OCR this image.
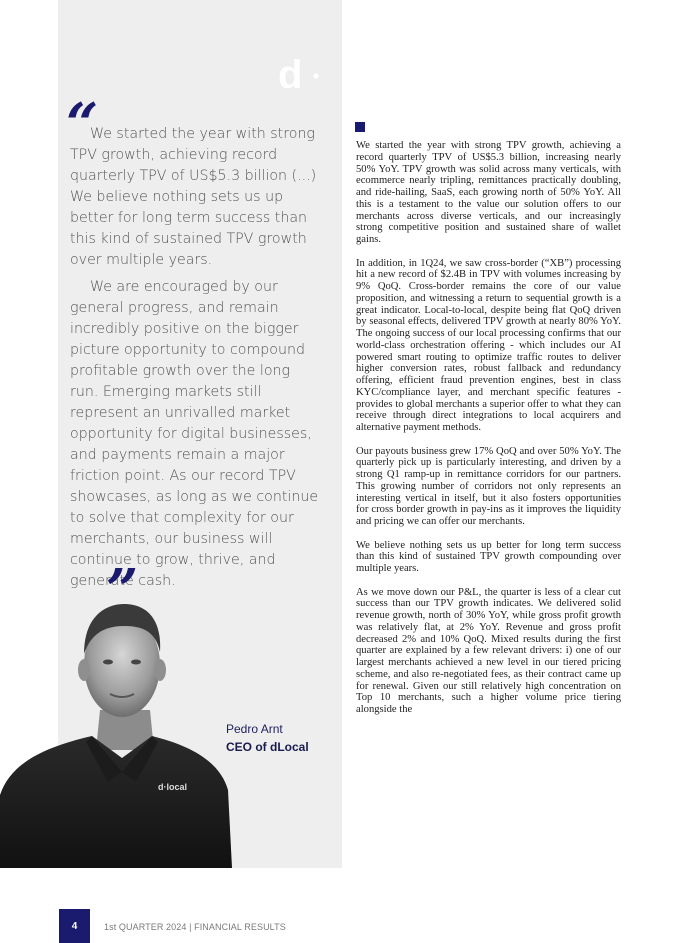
d
“

We started the year with strong TPV growth, achieving record quarterly TPV of US$5.3 billion (...) We believe nothing sets us up better for long term success than this kind of sustained TPV growth over multiple years.

We are encouraged by our general progress, and remain incredibly positive on the bigger picture opportunity to compound profitable growth over the long run. Emerging markets still represent an unrivalled market opportunity for digital businesses, and payments remain a major friction point. As our record TPV showcases, as long as we continue to solve that complexity for our merchants, our business will continue to grow, thrive, and generate cash.

d·local
Pedro Arnt
CEO of dLocal

We started the year with strong TPV growth, achieving a record quarterly TPV of US$5.3 billion, increasing nearly 50% YoY. TPV growth was solid across many verticals, with ecommerce nearly tripling, remittances practically doubling, and ride-hailing, SaaS, each growing north of 50% YoY. All this is a testament to the value our solution offers to our merchants across diverse verticals, and our increasingly strong competitive position and sustained share of wallet gains.

In addition, in 1Q24, we saw cross-border (“XB”) processing hit a new record of $2.4B in TPV with volumes increasing by 9% QoQ. Cross-border remains the core of our value proposition, and witnessing a return to sequential growth is a great indicator. Local-to-local, despite being flat QoQ driven by seasonal effects, delivered TPV growth at nearly 80% YoY. The ongoing success of our local processing confirms that our world-class orchestration offering - which includes our AI powered smart routing to optimize traffic routes to deliver higher conversion rates, robust fallback and redundancy offering, efficient fraud prevention engines, best in class KYC/compliance layer, and merchant specific features - provides to global merchants a superior offer to what they can receive through direct integrations to local acquirers and alternative payment methods.

Our payouts business grew 17% QoQ and over 50% YoY. The quarterly pick up is particularly interesting, and driven by a strong Q1 ramp-up in remittance corridors for our partners. This growing number of corridors not only represents an interesting vertical in itself, but it also fosters opportunities for cross border growth in pay-ins as it improves the liquidity and pricing we can offer our merchants.

We believe nothing sets us up better for long term success than this kind of sustained TPV growth compounding over multiple years.

As we move down our P&L, the quarter is less of a clear cut success than our TPV growth indicates. We delivered solid revenue growth, north of 30% YoY, while gross profit growth was relatively flat, at 2% YoY. Revenue and gross profit decreased 2% and 10% QoQ. Mixed results during the first quarter are explained by a few relevant drivers: i) one of our largest merchants achieved a new level in our tiered pricing scheme, and also re-negotiated fees, as their contract came up for renewal. Given our still relatively high concentration on Top 10 merchants, such a higher volume price tiering alongside the

4	1st QUARTER 2024 | FINANCIAL RESULTS
